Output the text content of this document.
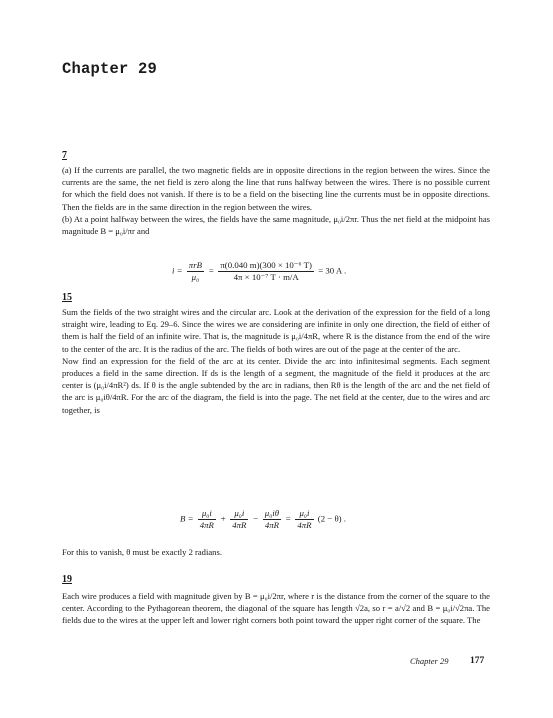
Chapter 29
7

(a) If the currents are parallel, the two magnetic fields are in opposite directions in the region between the wires. Since the currents are the same, the net field is zero along the line that runs halfway between the wires. There is no possible current for which the field does not vanish. If there is to be a field on the bisecting line the currents must be in opposite directions. Then the fields are in the same direction in the region between the wires.

(b) At a point halfway between the wires, the fields have the same magnitude, μ₀i/2πr. Thus the net field at the midpoint has magnitude B = μ₀i/πr and

$i = \frac{\text{πrB}}{\text{μ₀}} = \frac{\text{π(0.040 m)(300 × 10⁻⁶ T)}}{\text{4π × 10⁻⁷ T · m/A}} = 30$ A .
15

Sum the fields of the two straight wires and the circular arc. Look at the derivation of the expression for the field of a long straight wire, leading to Eq. 29–6. Since the wires we are considering are infinite in only one direction, the field of either of them is half the field of an infinite wire. That is, the magnitude is μ₀i/4πR, where R is the distance from the end of the wire to the center of the arc. It is the radius of the arc. The fields of both wires are out of the page at the center of the arc.

Now find an expression for the field of the arc at its center. Divide the arc into infinitesimal segments. Each segment produces a field in the same direction. If ds is the length of a segment, the magnitude of the field it produces at the arc center is (μ₀i/4πR²) ds. If θ is the angle subtended by the arc in radians, then Rθ is the length of the arc and the net field of the arc is μ₀iθ/4πR. For the arc of the diagram, the field is into the page. The net field at the center, due to the wires and arc together, is

$B = \frac{\text{μ₀i}}{4\pi R} + \frac{\text{μ₀i}}{4\pi R} - \frac{\text{μ₀iθ}}{4\pi R} = \frac{\text{μ₀i}}{4\pi R} (2 - \theta)$ .
For this to vanish, θ must be exactly 2 radians.
19
Each wire produces a field with magnitude given by B = μ₀i/2πr, where r is the distance from the corner of the square to the center. According to the Pythagorean theorem, the diagonal of the square has length √2a, so r = a/√2 and B = μ₀i/√2πa. The fields due to the wires at the upper left and lower right corners both point toward the upper right corner of the square. The
Chapter 29 177
